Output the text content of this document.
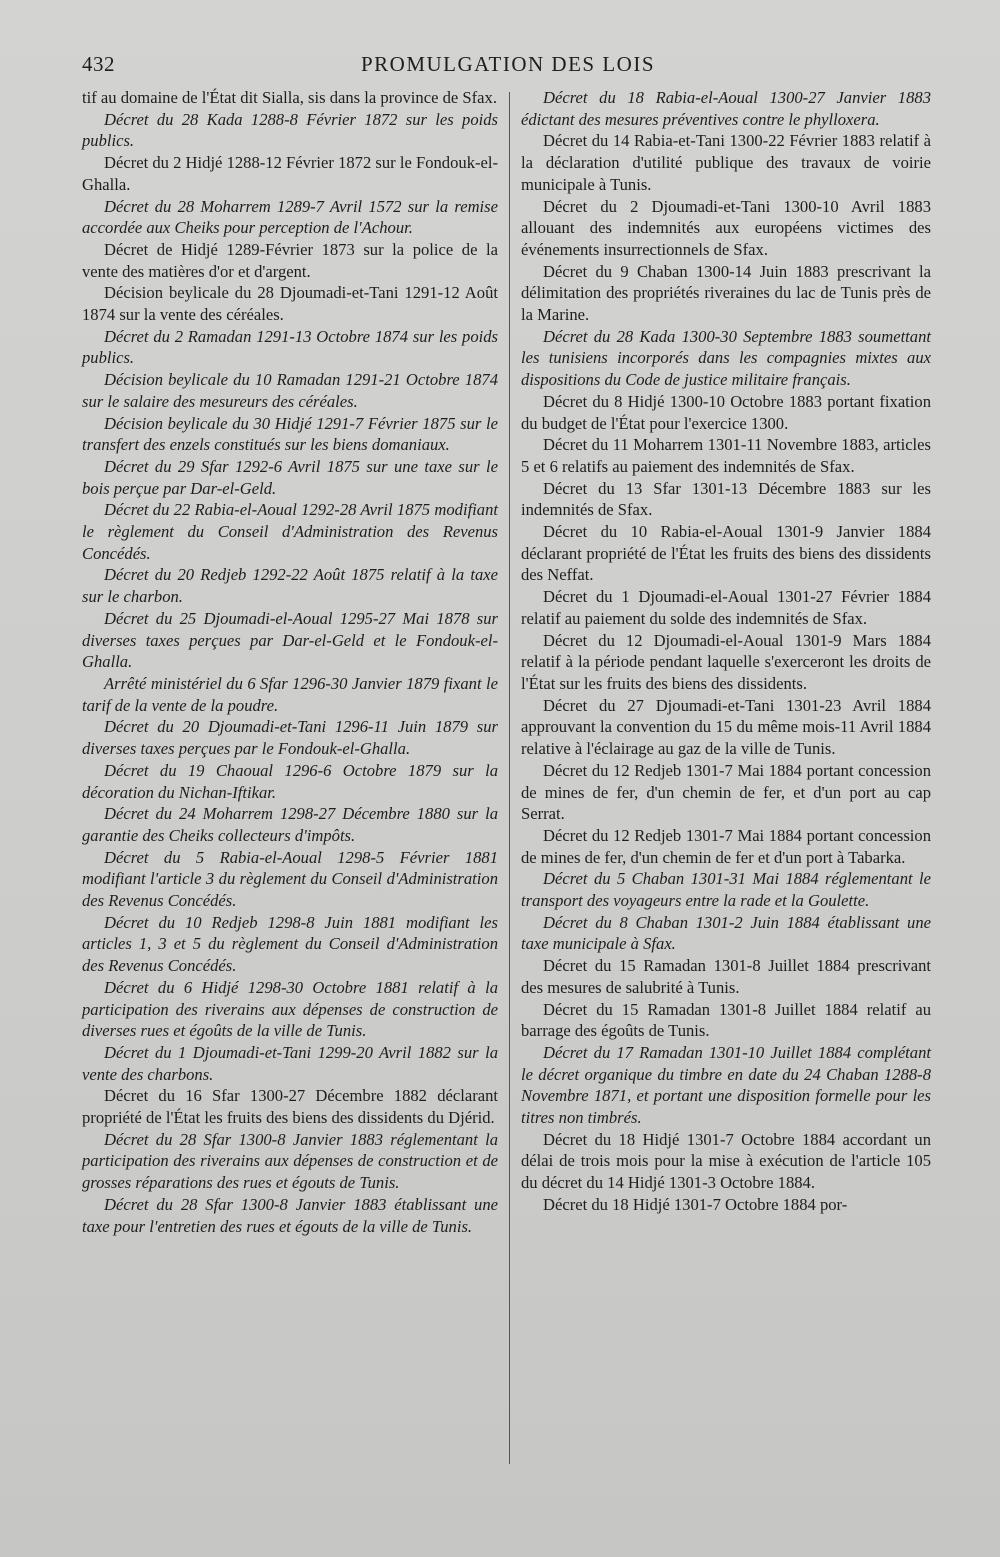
432	PROMULGATION DES LOIS

tif au domaine de l'État dit Sialla, sis dans la province de Sfax.

Décret du 28 Kada 1288-8 Février 1872 sur les poids publics.

Décret du 2 Hidjé 1288-12 Février 1872 sur le Fondouk-el-Ghalla.

Décret du 28 Moharrem 1289-7 Avril 1572 sur la remise accordée aux Cheiks pour perception de l'Achour.

Décret de Hidjé 1289-Février 1873 sur la police de la vente des matières d'or et d'argent.

Décision beylicale du 28 Djoumadi-et-Tani 1291-12 Août 1874 sur la vente des céréales.

Décret du 2 Ramadan 1291-13 Octobre 1874 sur les poids publics.

Décision beylicale du 10 Ramadan 1291-21 Octobre 1874 sur le salaire des mesureurs des céréales.

Décision beylicale du 30 Hidjé 1291-7 Février 1875 sur le transfert des enzels constitués sur les biens domaniaux.

Décret du 29 Sfar 1292-6 Avril 1875 sur une taxe sur le bois perçue par Dar-el-Geld.

Décret du 22 Rabia-el-Aoual 1292-28 Avril 1875 modifiant le règlement du Conseil d'Administration des Revenus Concédés.

Décret du 20 Redjeb 1292-22 Août 1875 relatif à la taxe sur le charbon.

Décret du 25 Djoumadi-el-Aoual 1295-27 Mai 1878 sur diverses taxes perçues par Dar-el-Geld et le Fondouk-el-Ghalla.

Arrêté ministériel du 6 Sfar 1296-30 Janvier 1879 fixant le tarif de la vente de la poudre.

Décret du 20 Djoumadi-et-Tani 1296-11 Juin 1879 sur diverses taxes perçues par le Fondouk-el-Ghalla.

Décret du 19 Chaoual 1296-6 Octobre 1879 sur la décoration du Nichan-Iftikar.

Décret du 24 Moharrem 1298-27 Décembre 1880 sur la garantie des Cheiks collecteurs d'impôts.

Décret du 5 Rabia-el-Aoual 1298-5 Février 1881 modifiant l'article 3 du règlement du Conseil d'Administration des Revenus Concédés.

Décret du 10 Redjeb 1298-8 Juin 1881 modifiant les articles 1, 3 et 5 du règlement du Conseil d'Administration des Revenus Concédés.

Décret du 6 Hidjé 1298-30 Octobre 1881 relatif à la participation des riverains aux dépenses de construction de diverses rues et égoûts de la ville de Tunis.

Décret du 1 Djoumadi-et-Tani 1299-20 Avril 1882 sur la vente des charbons.

Décret du 16 Sfar 1300-27 Décembre 1882 déclarant propriété de l'État les fruits des biens des dissidents du Djérid.

Décret du 28 Sfar 1300-8 Janvier 1883 réglementant la participation des riverains aux dépenses de construction et de grosses réparations des rues et égouts de Tunis.

Décret du 28 Sfar 1300-8 Janvier 1883 établissant une taxe pour l'entretien des rues et égouts de la ville de Tunis.

Décret du 18 Rabia-el-Aoual 1300-27 Janvier 1883 édictant des mesures préventives contre le phylloxera.

Décret du 14 Rabia-et-Tani 1300-22 Février 1883 relatif à la déclaration d'utilité publique des travaux de voirie municipale à Tunis.

Décret du 2 Djoumadi-et-Tani 1300-10 Avril 1883 allouant des indemnités aux européens victimes des événements insurrectionnels de Sfax.

Décret du 9 Chaban 1300-14 Juin 1883 prescrivant la délimitation des propriétés riveraines du lac de Tunis près de la Marine.

Décret du 28 Kada 1300-30 Septembre 1883 soumettant les tunisiens incorporés dans les compagnies mixtes aux dispositions du Code de justice militaire français.

Décret du 8 Hidjé 1300-10 Octobre 1883 portant fixation du budget de l'État pour l'exercice 1300.

Décret du 11 Moharrem 1301-11 Novembre 1883, articles 5 et 6 relatifs au paiement des indemnités de Sfax.

Décret du 13 Sfar 1301-13 Décembre 1883 sur les indemnités de Sfax.

Décret du 10 Rabia-el-Aoual 1301-9 Janvier 1884 déclarant propriété de l'État les fruits des biens des dissidents des Neffat.

Décret du 1 Djoumadi-el-Aoual 1301-27 Février 1884 relatif au paiement du solde des indemnités de Sfax.

Décret du 12 Djoumadi-el-Aoual 1301-9 Mars 1884 relatif à la période pendant laquelle s'exerceront les droits de l'État sur les fruits des biens des dissidents.

Décret du 27 Djoumadi-et-Tani 1301-23 Avril 1884 approuvant la convention du 15 du même mois-11 Avril 1884 relative à l'éclairage au gaz de la ville de Tunis.

Décret du 12 Redjeb 1301-7 Mai 1884 portant concession de mines de fer, d'un chemin de fer, et d'un port au cap Serrat.

Décret du 12 Redjeb 1301-7 Mai 1884 portant concession de mines de fer, d'un chemin de fer et d'un port à Tabarka.

Décret du 5 Chaban 1301-31 Mai 1884 réglementant le transport des voyageurs entre la rade et la Goulette.

Décret du 8 Chaban 1301-2 Juin 1884 établissant une taxe municipale à Sfax.

Décret du 15 Ramadan 1301-8 Juillet 1884 prescrivant des mesures de salubrité à Tunis.

Décret du 15 Ramadan 1301-8 Juillet 1884 relatif au barrage des égoûts de Tunis.

Décret du 17 Ramadan 1301-10 Juillet 1884 complétant le décret organique du timbre en date du 24 Chaban 1288-8 Novembre 1871, et portant une disposition formelle pour les titres non timbrés.

Décret du 18 Hidjé 1301-7 Octobre 1884 accordant un délai de trois mois pour la mise à exécution de l'article 105 du décret du 14 Hidjé 1301-3 Octobre 1884.

Décret du 18 Hidjé 1301-7 Octobre 1884 por-
